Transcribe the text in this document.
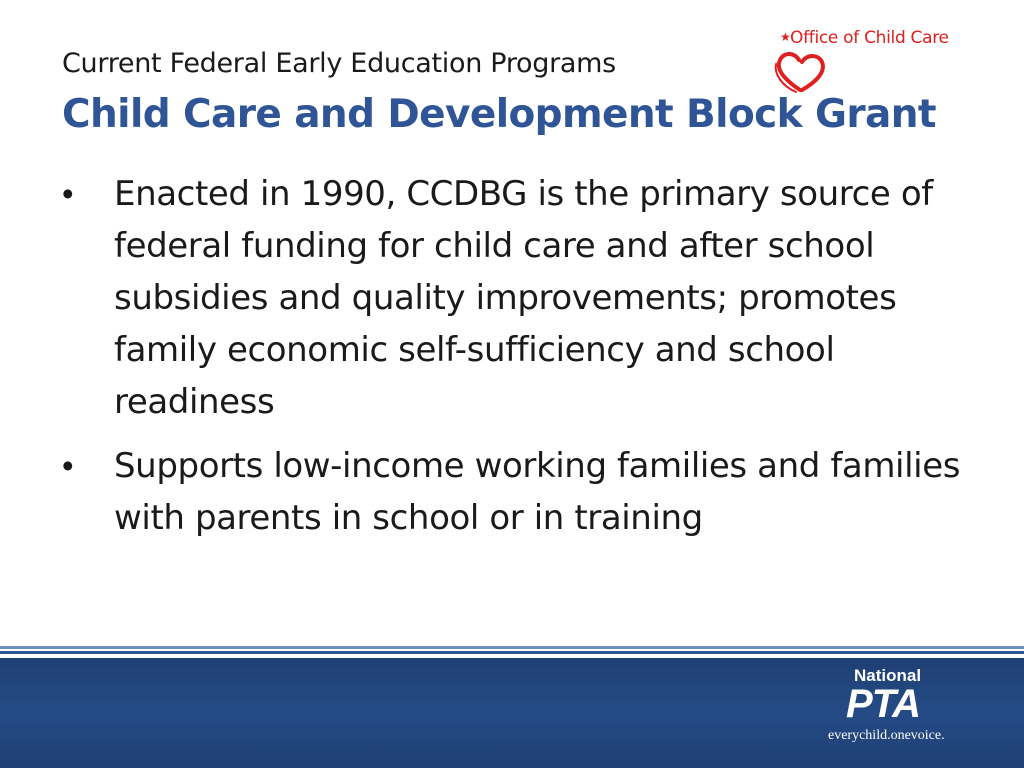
Current Federal Early Education Programs
Child Care and Development Block Grant
★ Office of Child Care
• Enacted in 1990, CCDBG is the primary source of federal funding for child care and after school subsidies and quality improvements; promotes family economic self-sufficiency and school readiness
• Supports low-income working families and families with parents in school or in training
National
PTA
everychild.onevoice.
